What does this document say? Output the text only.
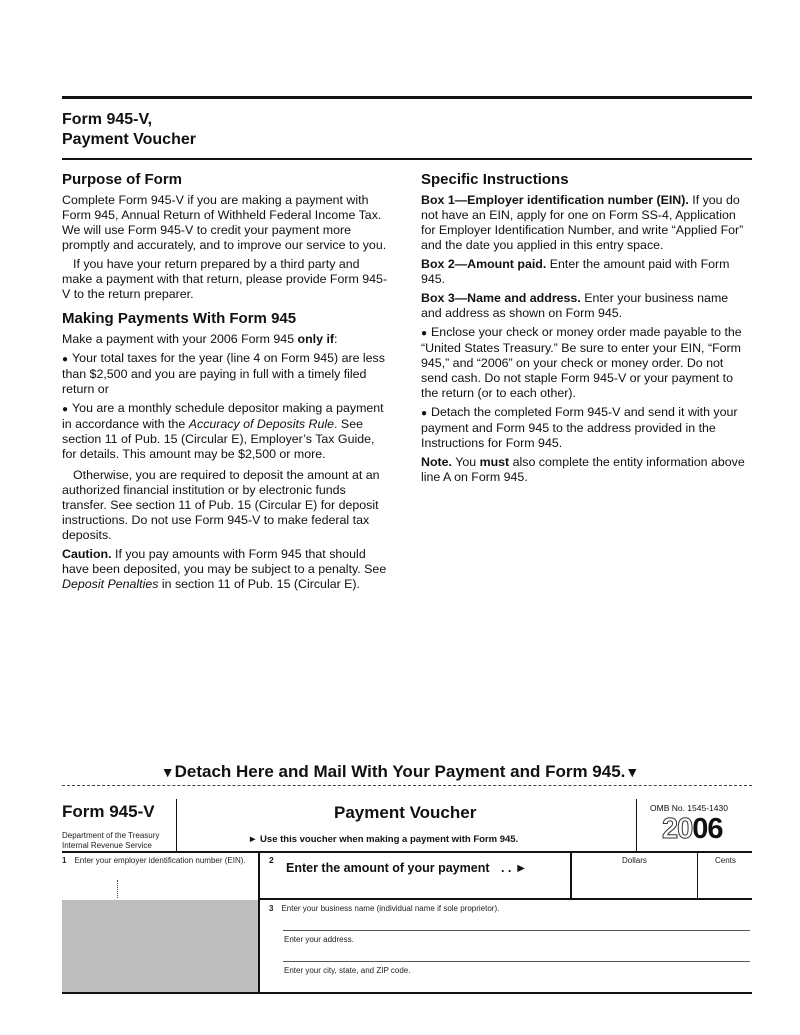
Form 945-V,
Payment Voucher
Purpose of Form

Complete Form 945-V if you are making a payment with Form 945, Annual Return of Withheld Federal Income Tax. We will use Form 945-V to credit your payment more promptly and accurately, and to improve our service to you.

If you have your return prepared by a third party and make a payment with that return, please provide Form 945-V to the return preparer.

Making Payments With Form 945

Make a payment with your 2006 Form 945 only if:

● Your total taxes for the year (line 4 on Form 945) are less than $2,500 and you are paying in full with a timely filed return or

● You are a monthly schedule depositor making a payment in accordance with the Accuracy of Deposits Rule. See section 11 of Pub. 15 (Circular E), Employer’s Tax Guide, for details. This amount may be $2,500 or more.

Otherwise, you are required to deposit the amount at an authorized financial institution or by electronic funds transfer. See section 11 of Pub. 15 (Circular E) for deposit instructions. Do not use Form 945-V to make federal tax deposits.

Caution. If you pay amounts with Form 945 that should have been deposited, you may be subject to a penalty. See Deposit Penalties in section 11 of Pub. 15 (Circular E).

Specific Instructions

Box 1—Employer identification number (EIN). If you do not have an EIN, apply for one on Form SS-4, Application for Employer Identification Number, and write “Applied For” and the date you applied in this entry space.

Box 2—Amount paid. Enter the amount paid with Form 945.

Box 3—Name and address. Enter your business name and address as shown on Form 945.

● Enclose your check or money order made payable to the “United States Treasury.” Be sure to enter your EIN, “Form 945,” and “2006” on your check or money order. Do not send cash. Do not staple Form 945-V or your payment to the return (or to each other).

● Detach the completed Form 945-V and send it with your payment and Form 945 to the address provided in the Instructions for Form 945.

Note. You must also complete the entity information above line A on Form 945.

▼Detach Here and Mail With Your Payment and Form 945.▼
Form 945-V
Department of the Treasury
Internal Revenue Service
Payment Voucher
► Use this voucher when making a payment with Form 945.
OMB No. 1545-1430
2006
1 Enter your employer identification number (EIN).	2
Enter the amount of your payment . . ►
Dollars	Cents
3 Enter your business name (individual name if sole proprietor).
Enter your address.
Enter your city, state, and ZIP code.
